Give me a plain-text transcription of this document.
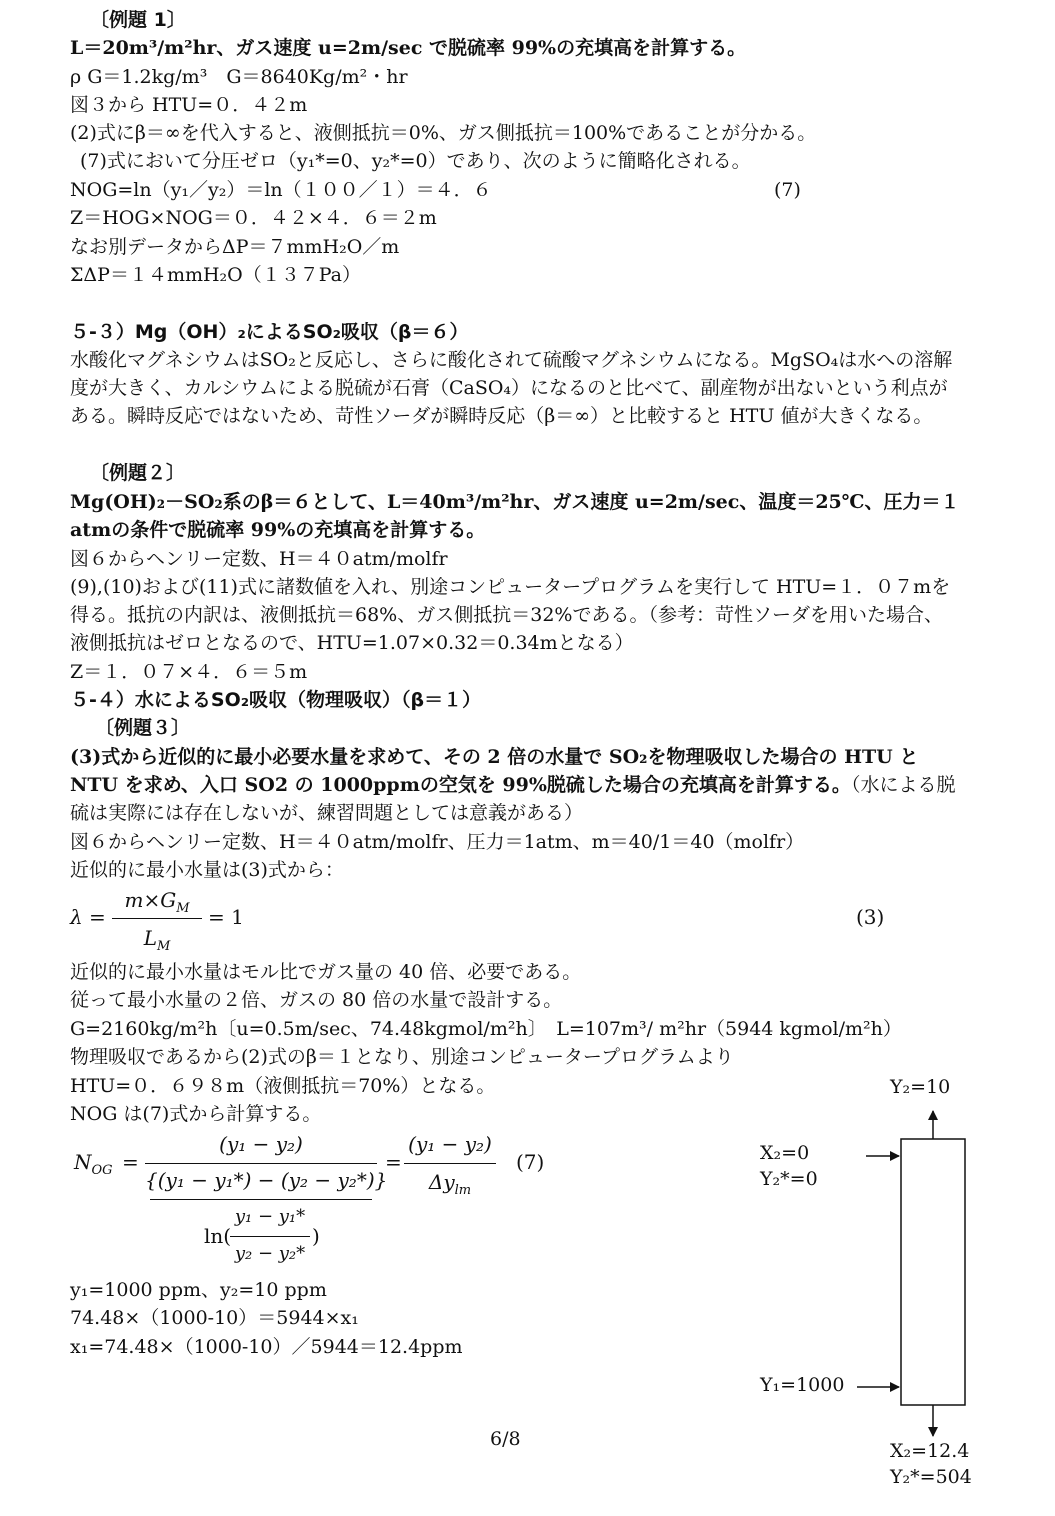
〔例題 1〕
L＝20m³/m²hr、ガス速度 u=2m/sec で脱硫率 99%の充填高を計算する。
ρ G＝1.2kg/m³　G＝8640Kg/m²・hr
図３から HTU=０．４２m
(2)式にβ＝∞を代入すると、液側抵抗＝0%、ガス側抵抗＝100%であることが分かる。
(7)式において分圧ゼロ（y₁*=0、y₂*=0）であり、次のように簡略化される。
NOG=ln（y₁／y₂）＝ln（１００／１）＝４．６	(7)
Z＝HOG×NOG＝０．４２×４．６＝２m
なお別データからΔP＝７mmH₂O／m
ΣΔP＝１４mmH₂O（１３７Pa）
５-３）Mg（OH）₂によるSO₂吸収（β＝６）
水酸化マグネシウムはSO₂と反応し、さらに酸化されて硫酸マグネシウムになる。MgSO₄は水への溶解度が大きく、カルシウムによる脱硫が石膏（CaSO₄）になるのと比べて、副産物が出ないという利点がある。瞬時反応ではないため、苛性ソーダが瞬時反応（β＝∞）と比較すると HTU 値が大きくなる。
〔例題２〕
Mg(OH)₂－SO₂系のβ＝６として、L＝40m³/m²hr、ガス速度 u=2m/sec、温度＝25℃、圧力＝１atmの条件で脱硫率 99%の充填高を計算する。
図６からヘンリー定数、H＝４０atm/molfr
(9),(10)および(11)式に諸数値を入れ、別途コンピュータープログラムを実行して HTU=１．０７mを得る。抵抗の内訳は、液側抵抗＝68%、ガス側抵抗＝32%である。（参考：苛性ソーダを用いた場合、液側抵抗はゼロとなるので、HTU=1.07×0.32＝0.34mとなる）
Z＝１．０７×４．６＝５m
５-４）水によるSO₂吸収（物理吸収）（β＝１）
〔例題３〕
(3)式から近似的に最小必要水量を求めて、その 2 倍の水量で SO₂を物理吸収した場合の HTU と NTU を求め、入口 SO2 の 1000ppmの空気を 99%脱硫した場合の充填高を計算する。（水による脱硫は実際には存在しないが、練習問題としては意義がある）
図６からヘンリー定数、H＝４０atm/molfr、圧力＝1atm、m＝40/1＝40（molfr）
近似的に最小水量は(3)式から：
λ =
$m\times G_M$
$L_M$
= 1	(3)
近似的に最小水量はモル比でガス量の 40 倍、必要である。
従って最小水量の２倍、ガスの 80 倍の水量で設計する。
G=2160kg/m²h〔u=0.5m/sec、74.48kgmol/m²h〕　L=107m³/ m²hr（5944 kgmol/m²h）
物理吸収であるから(2)式のβ＝１となり、別途コンピュータープログラムより
HTU=０．６９８m（液側抵抗＝70%）となる。
NOG は(7)式から計算する。
$N_{OG}$ =
(y₁ − y₂)
{(y₁ − y₁*) − (y₂ − y₂*)}
ln(
y₁ − y₁*
y₂ − y₂*
)
=
(y₁ − y₂)
$\Delta y_{lm}$
(7)
y₁=1000 ppm、y₂=10 ppm
74.48×（1000-10）＝5944×x₁
x₁=74.48×（1000-10）／5944＝12.4ppm
Y₂=10
X₂=0
Y₂*=0
Y₁=1000
X₂=12.4
Y₂*=504
6/8
